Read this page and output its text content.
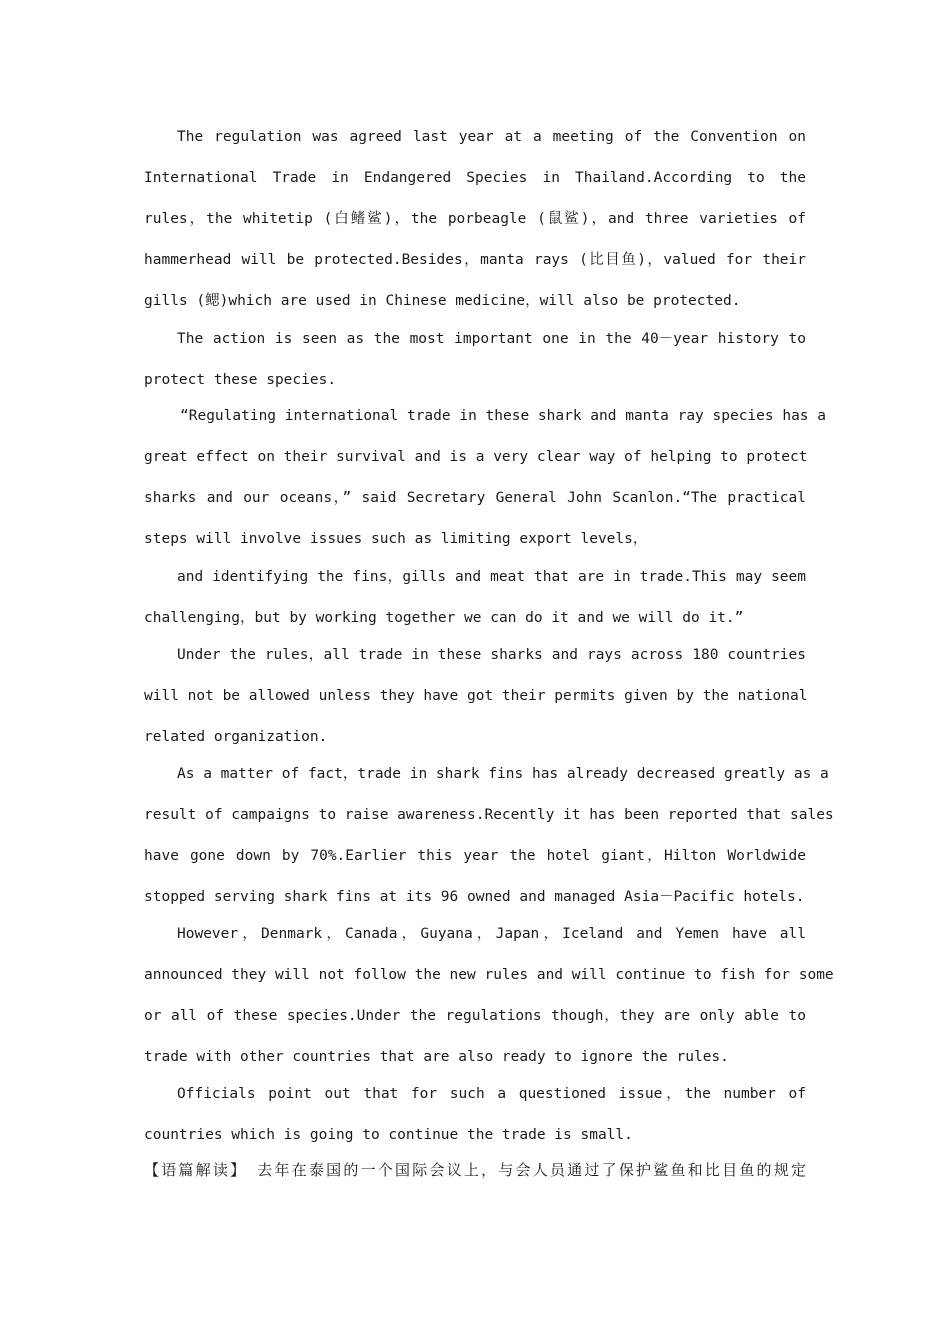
The regulation was agreed last year at a meeting of the Convention on
International Trade in Endangered Species in Thailand.According to the
rules，the whitetip (白鳍鲨)，the porbeagle (鼠鲨)，and three varieties of
hammerhead will be protected.Besides，manta rays (比目鱼)，valued for their
gills (鳃)which are used in Chinese medicine，will also be protected.
The action is seen as the most important one in the 40－year history to
protect these species.
“Regulating international trade in these shark and manta ray species has a
great effect on their survival and is a very clear way of helping to protect
sharks and our oceans，” said Secretary General John Scanlon.“The practical
steps will involve issues such as limiting export levels，
and identifying the fins，gills and meat that are in trade.This may seem
challenging，but by working together we can do it and we will do it.”
Under the rules，all trade in these sharks and rays across 180 countries
will not be allowed unless they have got their permits given by the national
related organization.
As a matter of fact，trade in shark fins has already decreased greatly as a
result of campaigns to raise awareness.Recently it has been reported that sales
have gone down by 70%.Earlier this year the hotel giant，Hilton Worldwide
stopped serving shark fins at its 96 owned and managed Asia－Pacific hotels.
However，Denmark，Canada，Guyana，Japan，Iceland and Yemen have all
announced they will not follow the new rules and will continue to fish for some
or all of these species.Under the regulations though，they are only able to
trade with other countries that are also ready to ignore the rules.
Officials point out that for such a questioned issue，the number of
countries which is going to continue the trade is small.
【语篇解读】 去年在泰国的一个国际会议上，与会人员通过了保护鲨鱼和比目鱼的规定
